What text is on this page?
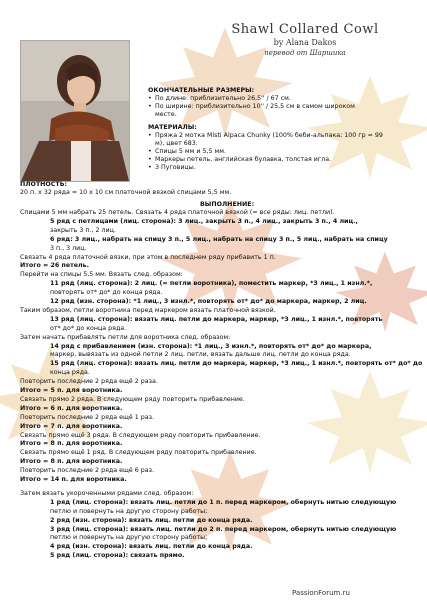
Shawl Collared Cowl
by Alana Dakos
перевод от Шаршика
ОКОНЧАТЕЛЬНЫЕ РАЗМЕРЫ:
• По длине: приблизительно 26,5'' / 67 см.
• По ширине: приблизительно 10'' / 25,5 см в самом широком
месте.
МАТЕРИАЛЫ:
• Пряжа 2 мотка Misti Alpaca Chunky (100% беби-альпака; 100 гр = 99
м), цвет 683.
• Спицы 5 мм и 5,5 мм.
• Маркеры петель, английская булавка, толстая игла.
• 3 Пуговицы.
ПЛОТНОСТЬ:
20 п. х 32 ряда = 10 х 10 см платочной вязкой спицами 5,5 мм.
ВЫПОЛНЕНИЕ:
Спицами 5 мм набрать 25 петель. Связать 4 ряда платочной вязкой (= все ряды: лиц. петли).
5 ряд с петлицами (лиц. сторона): 3 лиц., закрыть 3 п., 4 лиц., закрыть 3 п., 4 лиц.,
закрыть 3 п., 2 лиц.
6 ряд: 3 лиц., набрать на спицу 3 п., 5 лиц., набрать на спицу 3 п., 5 лиц., набрать на спицу
3 п., 3 лиц.
Связать 4 ряда платочной вязки, при этом в последнем ряду прибавить 1 п.
Итого = 26 петель.
Перейти на спицы 5,5 мм. Вязать след. образом:
11 ряд (лиц. сторона): 2 лиц. (= петли воротника), поместить маркер, *3 лиц., 1 изнл.*,
повторять от* до* до конца ряда.
12 ряд (изн. сторона): *1 лиц., 3 изнл.*, повторять от* до* до маркера, маркер, 2 лиц.
Таким образом, петли воротника перед маркером вязать платочной вязкой.
13 ряд (лиц. сторона): вязать лиц. петли до маркера, маркер, *3 лиц., 1 изнл.*, повторять
от* до* до конца ряда.
Затем начать прибавлять петли для воротника след. образом:
14 ряд с прибавлением (изн. сторона): *1 лиц., 3 изнл.*, повторять от* до* до маркера,
маркер, вывязать из одной петли 2 лиц. петли, вязать дальше лиц. петли до конца ряда.
15 ряд (лиц. сторона): вязать лиц. петли до маркера, маркер, *3 лиц., 1 изнл.*, повторять от* до* до
конца ряда.
Повторить последние 2 ряда ещё 2 раза.
Итого = 5 п. для воротника.
Связать прямо 2 ряда. В следующем ряду повторить прибавление.
Итого = 6 п. для воротника.
Повторить последние 2 ряда ещё 1 раз.
Итого = 7 п. для воротника.
Связать прямо ещё 3 ряда. В следующем ряду повторить прибавление.
Итого = 8 п. для воротника.
Связать прямо ещё 1 ряд. В следующем ряду повторить прибавление.
Итого = 8 п. для воротника.
Повторить последние 2 ряда ещё 6 раз.
Итого = 14 п. для воротника.
Затем вязать укороченными рядами след. образом:
1 ряд (лиц. сторона): вязать лиц. петли до 1 п. перед маркером, обернуть нитью следующую
петлю и повернуть на другую сторону работы;
2 ряд (изн. сторона): вязать лиц. петли до конца ряда.
3 ряд (лиц. сторона): вязать лиц. петли до 2 п. перед маркером, обернуть нитью следующую
петлю и повернуть на другую сторону работы;
4 ряд (изн. сторона): вязать лиц. петли до конца ряда.
5 ряд (лиц. сторона): связать прямо.
PassionForum.ru
